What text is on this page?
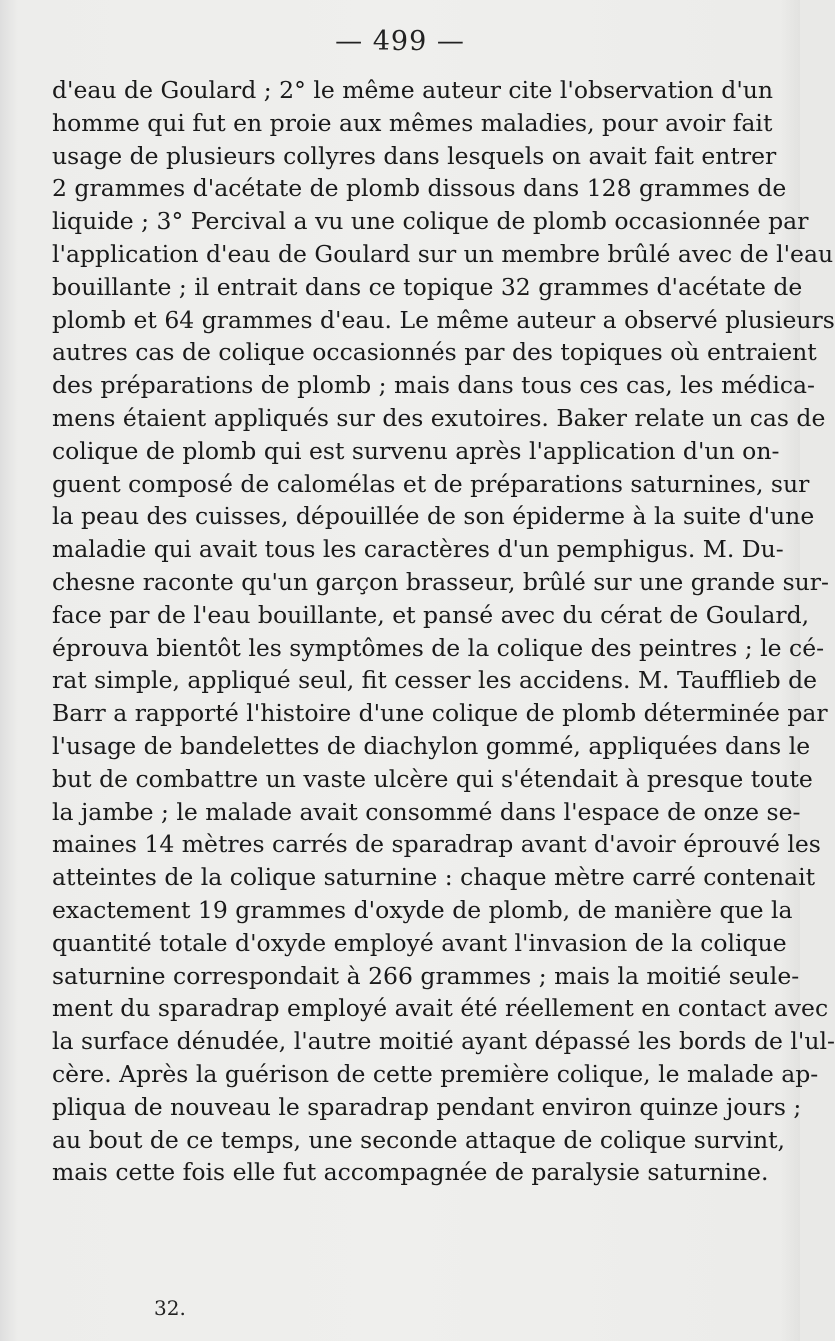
— 499 —
d'eau de Goulard ; 2° le même auteur cite l'observation d'un
homme qui fut en proie aux mêmes maladies, pour avoir fait
usage de plusieurs collyres dans lesquels on avait fait entrer
2 grammes d'acétate de plomb dissous dans 128 grammes de
liquide ; 3° Percival a vu une colique de plomb occasionnée par
l'application d'eau de Goulard sur un membre brûlé avec de l'eau
bouillante ; il entrait dans ce topique 32 grammes d'acétate de
plomb et 64 grammes d'eau. Le même auteur a observé plusieurs
autres cas de colique occasionnés par des topiques où entraient
des préparations de plomb ; mais dans tous ces cas, les médica-
mens étaient appliqués sur des exutoires. Baker relate un cas de
colique de plomb qui est survenu après l'application d'un on-
guent composé de calomélas et de préparations saturnines, sur
la peau des cuisses, dépouillée de son épiderme à la suite d'une
maladie qui avait tous les caractères d'un pemphigus. M. Du-
chesne raconte qu'un garçon brasseur, brûlé sur une grande sur-
face par de l'eau bouillante, et pansé avec du cérat de Goulard,
éprouva bientôt les symptômes de la colique des peintres ; le cé-
rat simple, appliqué seul, fit cesser les accidens. M. Taufflieb de
Barr a rapporté l'histoire d'une colique de plomb déterminée par
l'usage de bandelettes de diachylon gommé, appliquées dans le
but de combattre un vaste ulcère qui s'étendait à presque toute
la jambe ; le malade avait consommé dans l'espace de onze se-
maines 14 mètres carrés de sparadrap avant d'avoir éprouvé les
atteintes de la colique saturnine : chaque mètre carré contenait
exactement 19 grammes d'oxyde de plomb, de manière que la
quantité totale d'oxyde employé avant l'invasion de la colique
saturnine correspondait à 266 grammes ; mais la moitié seule-
ment du sparadrap employé avait été réellement en contact avec
la surface dénudée, l'autre moitié ayant dépassé les bords de l'ul-
cère. Après la guérison de cette première colique, le malade ap-
pliqua de nouveau le sparadrap pendant environ quinze jours ;
au bout de ce temps, une seconde attaque de colique survint,
mais cette fois elle fut accompagnée de paralysie saturnine.
32.
